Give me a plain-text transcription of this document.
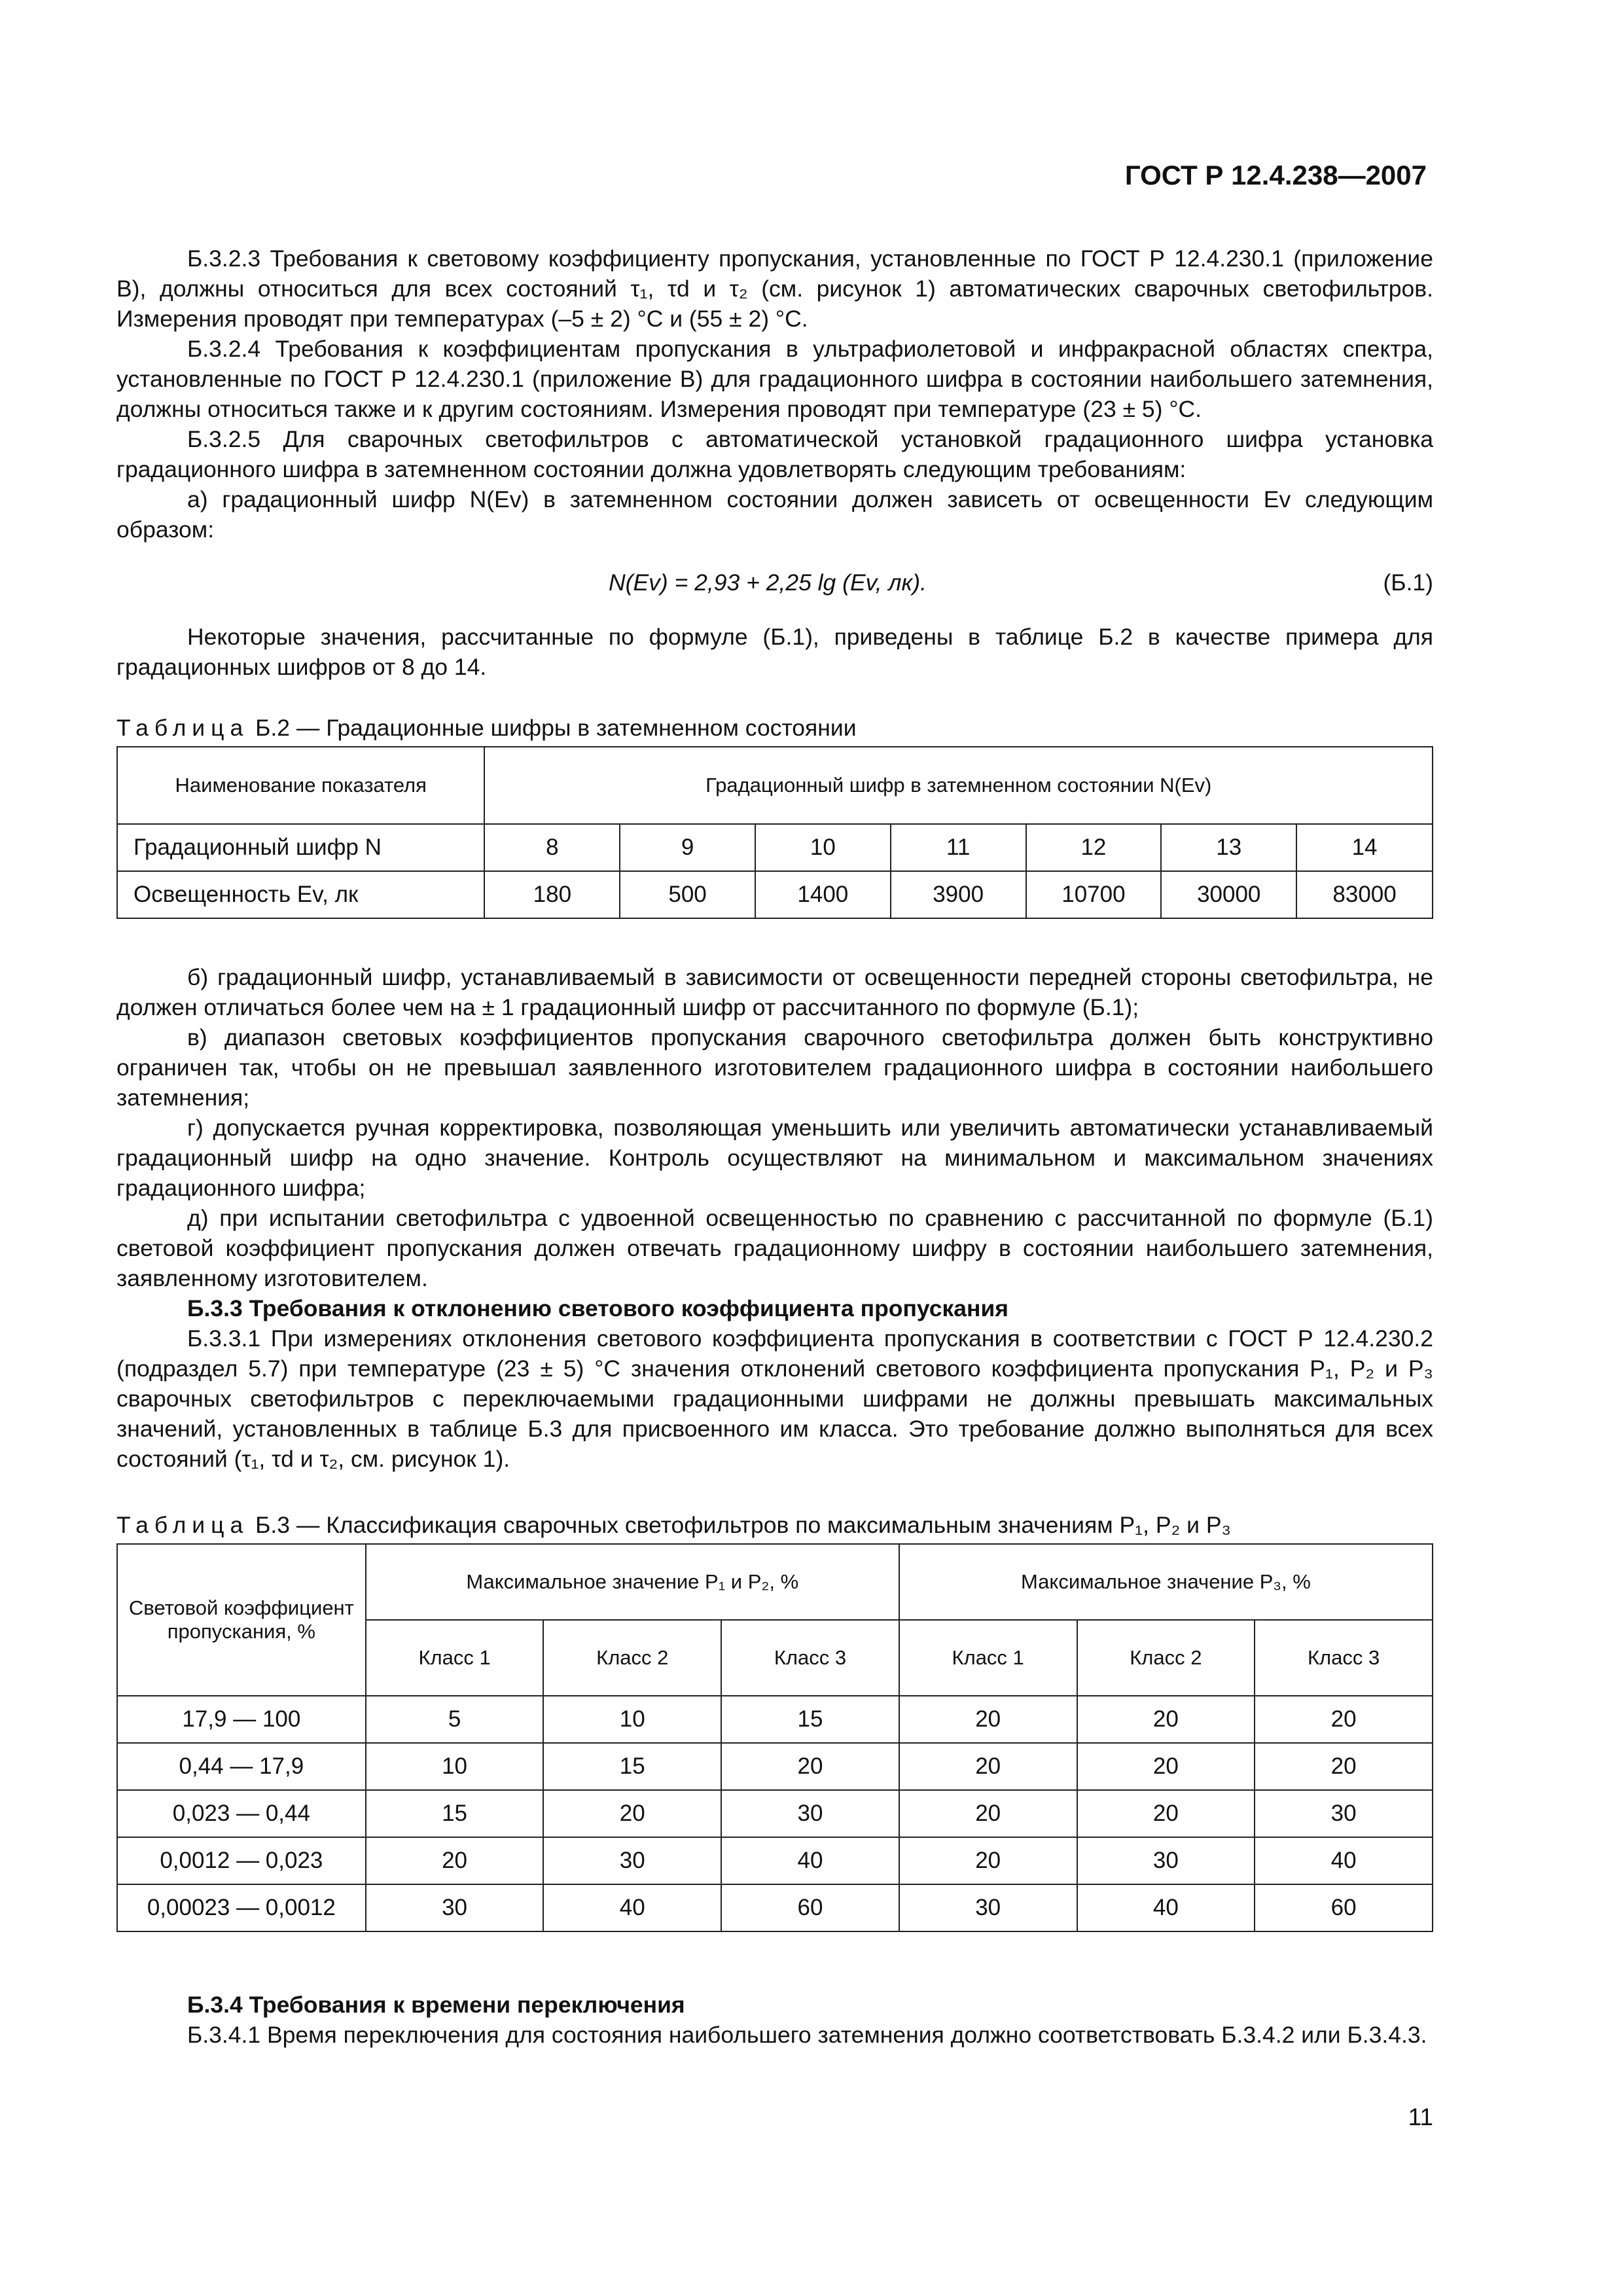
ГОСТ Р 12.4.238—2007

Б.3.2.3 Требования к световому коэффициенту пропускания, установленные по ГОСТ Р 12.4.230.1 (приложение В), должны относиться для всех состояний τ₁, τd и τ₂ (см. рисунок 1) автоматических сварочных светофильтров. Измерения проводят при температурах (–5 ± 2) °С и (55 ± 2) °С.

Б.3.2.4 Требования к коэффициентам пропускания в ультрафиолетовой и инфракрасной областях спектра, установленные по ГОСТ Р 12.4.230.1 (приложение В) для градационного шифра в состоянии наибольшего затемнения, должны относиться также и к другим состояниям. Измерения проводят при температуре (23 ± 5) °С.

Б.3.2.5 Для сварочных светофильтров с автоматической установкой градационного шифра установка градационного шифра в затемненном состоянии должна удовлетворять следующим требованиям:

а) градационный шифр N(Ev) в затемненном состоянии должен зависеть от освещенности Ev следующим образом:

N(Ev) = 2,93 + 2,25 lg (Ev, лк).	(Б.1)

Некоторые значения, рассчитанные по формуле (Б.1), приведены в таблице Б.2 в качестве примера для градационных шифров от 8 до 14.

Таблица Б.2 — Градационные шифры в затемненном состоянии
Наименование показателя	Градационный шифр в затемненном состоянии N(Ev)						
Градационный шифр N	8	9	10	11	12	13	14
Освещенность Ev, лк	180	500	1400	3900	10700	30000	83000

б) градационный шифр, устанавливаемый в зависимости от освещенности передней стороны светофильтра, не должен отличаться более чем на ± 1 градационный шифр от рассчитанного по формуле (Б.1);

в) диапазон световых коэффициентов пропускания сварочного светофильтра должен быть конструктивно ограничен так, чтобы он не превышал заявленного изготовителем градационного шифра в состоянии наибольшего затемнения;

г) допускается ручная корректировка, позволяющая уменьшить или увеличить автоматически устанавливаемый градационный шифр на одно значение. Контроль осуществляют на минимальном и максимальном значениях градационного шифра;

д) при испытании светофильтра с удвоенной освещенностью по сравнению с рассчитанной по формуле (Б.1) световой коэффициент пропускания должен отвечать градационному шифру в состоянии наибольшего затемнения, заявленному изготовителем.

Б.3.3 Требования к отклонению светового коэффициента пропускания

Б.3.3.1 При измерениях отклонения светового коэффициента пропускания в соответствии с ГОСТ Р 12.4.230.2 (подраздел 5.7) при температуре (23 ± 5) °С значения отклонений светового коэффициента пропускания P₁, P₂ и P₃ сварочных светофильтров с переключаемыми градационными шифрами не должны превышать максимальных значений, установленных в таблице Б.3 для присвоенного им класса. Это требование должно выполняться для всех состояний (τ₁, τd и τ₂, см. рисунок 1).

Таблица Б.3 — Классификация сварочных светофильтров по максимальным значениям P₁, P₂ и P₃
Световой коэффициент пропускания, %	Максимальное значение P₁ и P₂, %			Максимальное значение P₃, %		
	Класс 1	Класс 2	Класс 3	Класс 1	Класс 2	Класс 3
17,9 — 100	5	10	15	20	20	20
0,44 — 17,9	10	15	20	20	20	20
0,023 — 0,44	15	20	30	20	20	30
0,0012 — 0,023	20	30	40	20	30	40
0,00023 — 0,0012	30	40	60	30	40	60

Б.3.4 Требования к времени переключения

Б.3.4.1 Время переключения для состояния наибольшего затемнения должно соответствовать Б.3.4.2 или Б.3.4.3.

11
